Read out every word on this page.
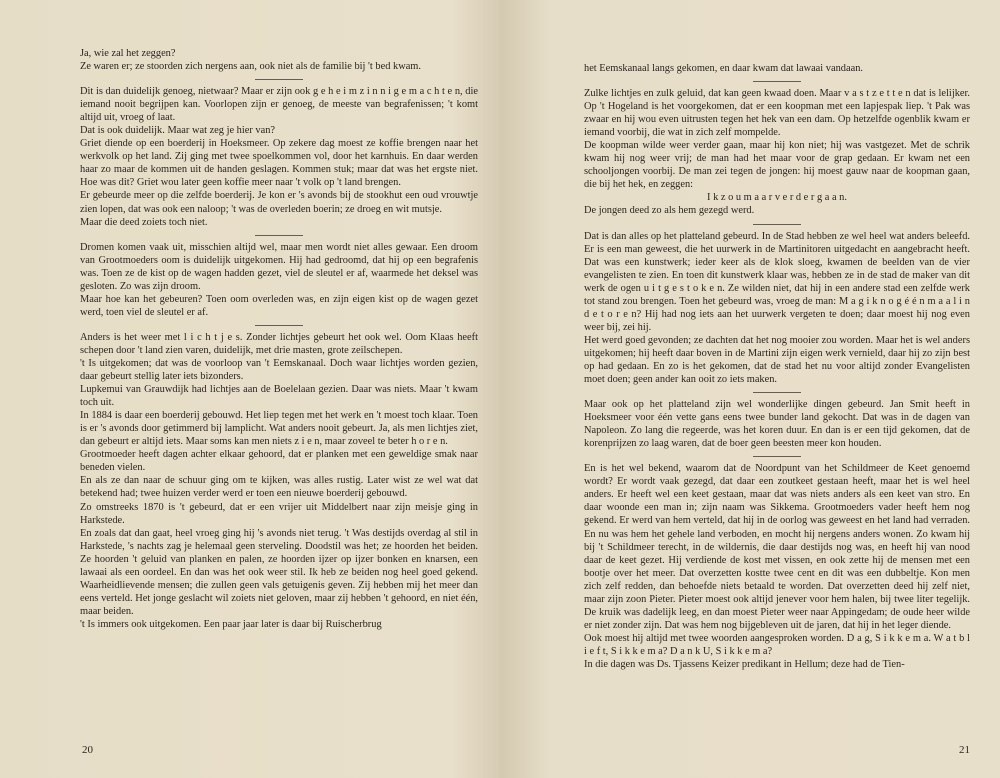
Ja, wie zal het zeggen?

Ze waren er; ze stoorden zich nergens aan, ook niet als de familie bij 't bed kwam.

Dit is dan duidelijk genoeg, nietwaar? Maar er zijn ook g e h e i m z i n n i g e m a c h t e n, die iemand nooit begrijpen kan. Voorlopen zijn er genoeg, de meeste van begrafenissen; 't komt altijd uit, vroeg of laat.

Dat is ook duidelijk. Maar wat zeg je hier van?

Griet diende op een boerderij in Hoeksmeer. Op zekere dag moest ze koffie brengen naar het werkvolk op het land. Zij ging met twee spoelkommen vol, door het karnhuis. En daar werden haar zo maar de kommen uit de handen geslagen. Kommen stuk; maar dat was het ergste niet. Hoe was dit? Griet wou later geen koffie meer naar 't volk op 't land brengen.

Er gebeurde meer op die zelfde boerderij. Je kon er 's avonds bij de stookhut een oud vrouwtje zien lopen, dat was ook een naloop; 't was de overleden boerin; ze droeg en wit mutsje.

Maar die deed zoiets toch niet.

Dromen komen vaak uit, misschien altijd wel, maar men wordt niet alles gewaar. Een droom van Grootmoeders oom is duidelijk uitgekomen. Hij had gedroomd, dat hij op een begrafenis was. Toen ze de kist op de wagen hadden gezet, viel de sleutel er af, waarmede het deksel was gesloten. Zo was zijn droom.

Maar hoe kan het gebeuren? Toen oom overleden was, en zijn eigen kist op de wagen gezet werd, toen viel de sleutel er af.

Anders is het weer met l i c h t j e s. Zonder lichtjes gebeurt het ook wel. Oom Klaas heeft schepen door 't land zien varen, duidelijk, met drie masten, grote zeilschepen.

't Is uitgekomen; dat was de voorloop van 't Eemskanaal. Doch waar lichtjes worden gezien, daar gebeurt stellig later iets bizonders.

Lupkemui van Grauwdijk had lichtjes aan de Boelelaan gezien. Daar was niets. Maar 't kwam toch uit.

In 1884 is daar een boerderij gebouwd. Het liep tegen met het werk en 't moest toch klaar. Toen is er 's avonds door getimmerd bij lamplicht. Wat anders nooit gebeurt. Ja, als men lichtjes ziet, dan gebeurt er altijd iets. Maar soms kan men niets z i e n, maar zoveel te beter h o r e n.

Grootmoeder heeft dagen achter elkaar gehoord, dat er planken met een geweldige smak naar beneden vielen.

En als ze dan naar de schuur ging om te kijken, was alles rustig. Later wist ze wel wat dat betekend had; twee huizen verder werd er toen een nieuwe boerderij gebouwd.

Zo omstreeks 1870 is 't gebeurd, dat er een vrijer uit Middelbert naar zijn meisje ging in Harkstede.

En zoals dat dan gaat, heel vroeg ging hij 's avonds niet terug. 't Was destijds overdag al stil in Harkstede, 's nachts zag je helemaal geen sterveling. Doodstil was het; ze hoorden het beiden. Ze hoorden 't geluid van planken en palen, ze hoorden ijzer op ijzer bonken en knarsen, een lawaai als een oordeel. En dan was het ook weer stil. Ik heb ze beiden nog heel goed gekend. Waarheidlievende mensen; die zullen geen vals getuigenis geven. Zij hebben mij het meer dan eens verteld. Het jonge geslacht wil zoiets niet geloven, maar zij hebben 't gehoord, en niet één, maar beiden.

't Is immers ook uitgekomen. Een paar jaar later is daar bij Ruischerbrug

20

het Eemskanaal langs gekomen, en daar kwam dat lawaai vandaan.

Zulke lichtjes en zulk geluid, dat kan geen kwaad doen. Maar v a s t z e t t e n dat is lelijker. Op 't Hogeland is het voorgekomen, dat er een koopman met een lapjespak liep. 't Pak was zwaar en hij wou even uitrusten tegen het hek van een dam. Op hetzelfde ogenblik kwam er iemand voorbij, die wat in zich zelf mompelde.

De koopman wilde weer verder gaan, maar hij kon niet; hij was vastgezet. Met de schrik kwam hij nog weer vrij; de man had het maar voor de grap gedaan. Er kwam net een schooljongen voorbij. De man zei tegen de jongen: hij moest gauw naar de koopman gaan, die bij het hek, en zeggen:

I k z o u m a a r v e r d e r g a a n.

De jongen deed zo als hem gezegd werd.

Dat is dan alles op het platteland gebeurd. In de Stad hebben ze wel heel wat anders beleefd. Er is een man geweest, die het uurwerk in de Martinitoren uitgedacht en aangebracht heeft. Dat was een kunstwerk; ieder keer als de klok sloeg, kwamen de beelden van de vier evangelisten te zien. En toen dit kunstwerk klaar was, hebben ze in de stad de maker van dit werk de ogen u i t g e s t o k e n. Ze wilden niet, dat hij in een andere stad een zelfde werk tot stand zou brengen. Toen het gebeurd was, vroeg de man: M a g i k n o g é é n m a a l i n d e t o r e n? Hij had nog iets aan het uurwerk vergeten te doen; daar moest hij nog even weer bij, zei hij.

Het werd goed gevonden; ze dachten dat het nog mooier zou worden. Maar het is wel anders uitgekomen; hij heeft daar boven in de Martini zijn eigen werk vernield, daar hij zo zijn best op had gedaan. En zo is het gekomen, dat de stad het nu voor altijd zonder Evangelisten moet doen; geen ander kan ooit zo iets maken.

Maar ook op het platteland zijn wel wonderlijke dingen gebeurd. Jan Smit heeft in Hoeksmeer voor één vette gans eens twee bunder land gekocht. Dat was in de dagen van Napoleon. Zo lang die regeerde, was het koren duur. En dan is er een tijd gekomen, dat de korenprijzen zo laag waren, dat de boer geen beesten meer kon houden.

En is het wel bekend, waarom dat de Noordpunt van het Schildmeer de Keet genoemd wordt? Er wordt vaak gezegd, dat daar een zoutkeet gestaan heeft, maar het is wel heel anders. Er heeft wel een keet gestaan, maar dat was niets anders als een keet van stro. En daar woonde een man in; zijn naam was Sikkema. Grootmoeders vader heeft hem nog gekend. Er werd van hem verteld, dat hij in de oorlog was geweest en het land had verraden. En nu was hem het gehele land verboden, en mocht hij nergens anders wonen. Zo kwam hij bij 't Schildmeer terecht, in de wildernis, die daar destijds nog was, en heeft hij van nood daar de keet gezet. Hij verdiende de kost met vissen, en ook zette hij de mensen met een bootje over het meer. Dat overzetten kostte twee cent en dit was een dubbeltje. Kon men zich zelf redden, dan behoefde niets betaald te worden. Dat overzetten deed hij zelf niet, maar zijn zoon Pieter. Pieter moest ook altijd jenever voor hem halen, bij twee liter tegelijk. De kruik was dadelijk leeg, en dan moest Pieter weer naar Appingedam; de oude heer wilde er niet zonder zijn. Dat was hem nog bijgebleven uit de jaren, dat hij in het leger diende.

Ook moest hij altijd met twee woorden aangesproken worden. D a g, S i k k e m a. W a t b l i e f t, S i k k e m a? D a n k U, S i k k e m a?

In die dagen was Ds. Tjassens Keizer predikant in Hellum; deze had de Tien-

21
